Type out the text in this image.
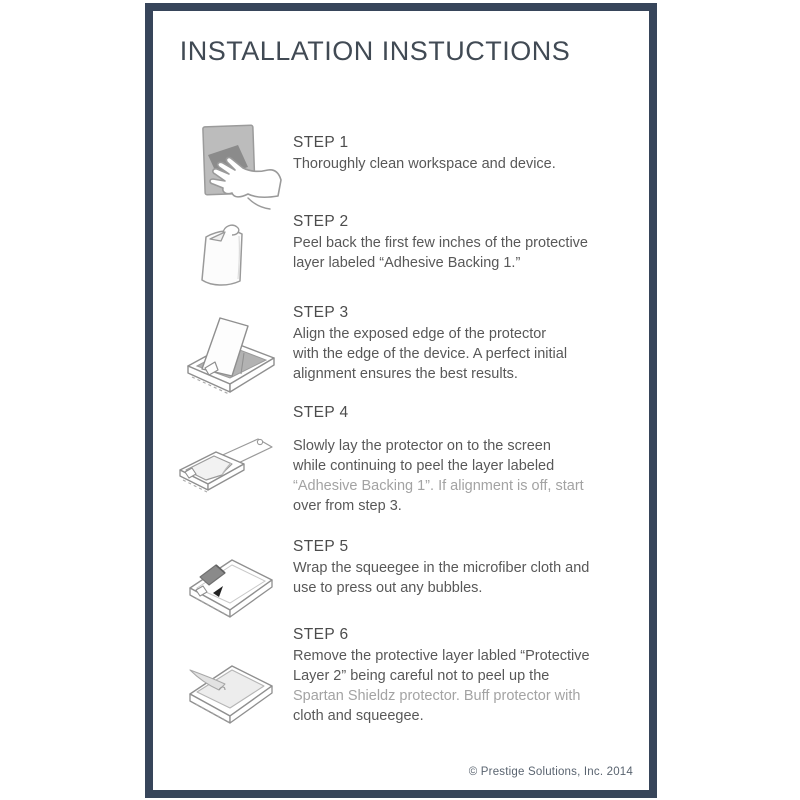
INSTALLATION INSTUCTIONS
STEP 1
Thoroughly clean workspace and device.
STEP 2
Peel back the first few inches of the protective
layer labeled “Adhesive Backing 1.”
STEP 3
Align the exposed edge of the protector
with the edge of the device. A perfect initial
alignment ensures the best results.
STEP 4
Slowly lay the protector on to the screen
while continuing to peel the layer labeled
“Adhesive Backing 1”. If alignment is off, start
over from step 3.
STEP 5
Wrap the squeegee in the microfiber cloth and
use to press out any bubbles.
STEP 6
Remove the protective layer labled “Protective
Layer 2” being careful not to peel up the
Spartan Shieldz protector. Buff protector with
cloth and squeegee.
© Prestige Solutions, Inc. 2014
